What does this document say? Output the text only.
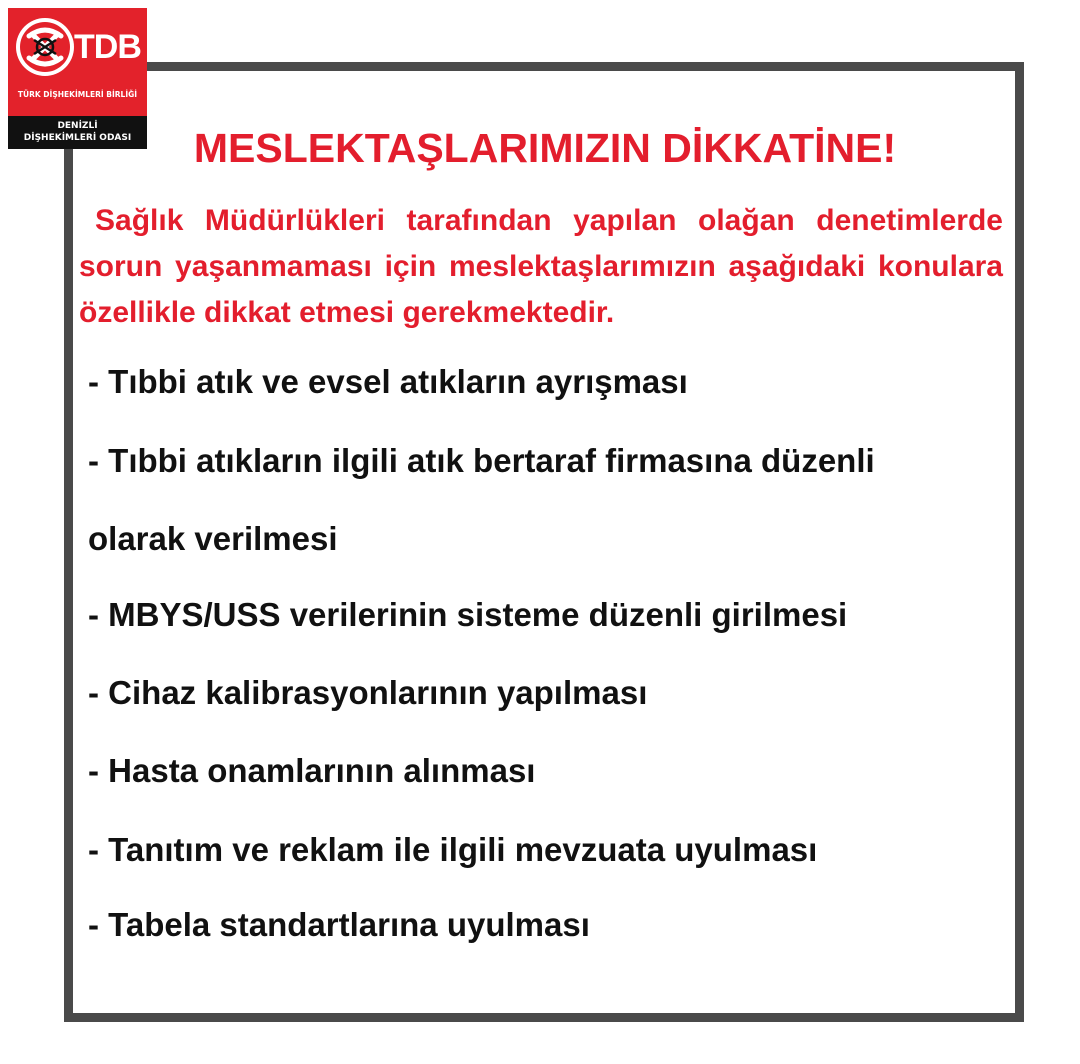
TDB
TÜRK DİŞHEKİMLERİ BİRLİĞİ
DENİZLİ
DİŞHEKİMLERİ ODASI	MESLEKTAŞLARIMIZIN DİKKATİNE!
Sağlık Müdürlükleri tarafından yapılan olağan denetimlerde sorun yaşanmaması için meslektaşlarımızın aşağıdaki konulara özellikle dikkat etmesi gerekmektedir.
- Tıbbi atık ve evsel atıkların ayrışması
- Tıbbi atıkların ilgili atık bertaraf firmasına düzenli
olarak verilmesi
- MBYS/USS verilerinin sisteme düzenli girilmesi
- Cihaz kalibrasyonlarının yapılması
- Hasta onamlarının alınması
- Tanıtım ve reklam ile ilgili mevzuata uyulması
- Tabela standartlarına uyulması
